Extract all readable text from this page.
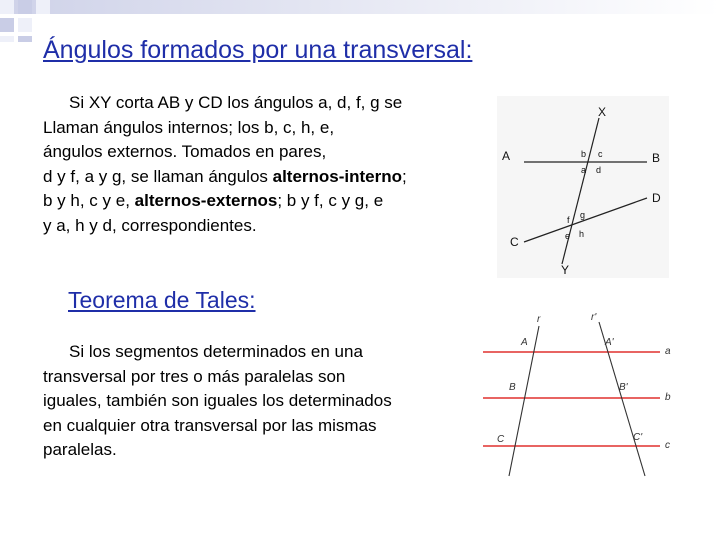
Ángulos formados por una transversal:

Si XY corta AB y CD los ángulos a, d, f, g se
Llaman ángulos internos; los b, c, h, e,
ángulos externos. Tomados en pares,
d y f, a y g, se llaman ángulos alternos-interno;
b y h, c y e, alternos-externos; b y f, c y g, e
y a, h y d, correspondientes.

X
Y
A	B
C
D
b c
a d
f g
e h
Teorema de Tales:

Si los segmentos determinados en una
transversal por tres o más paralelas son
iguales, también son iguales los determinados
en cualquier otra transversal por las mismas
paralelas.

r	r'
A	A'
B	B'
C	C'
a
b
c
